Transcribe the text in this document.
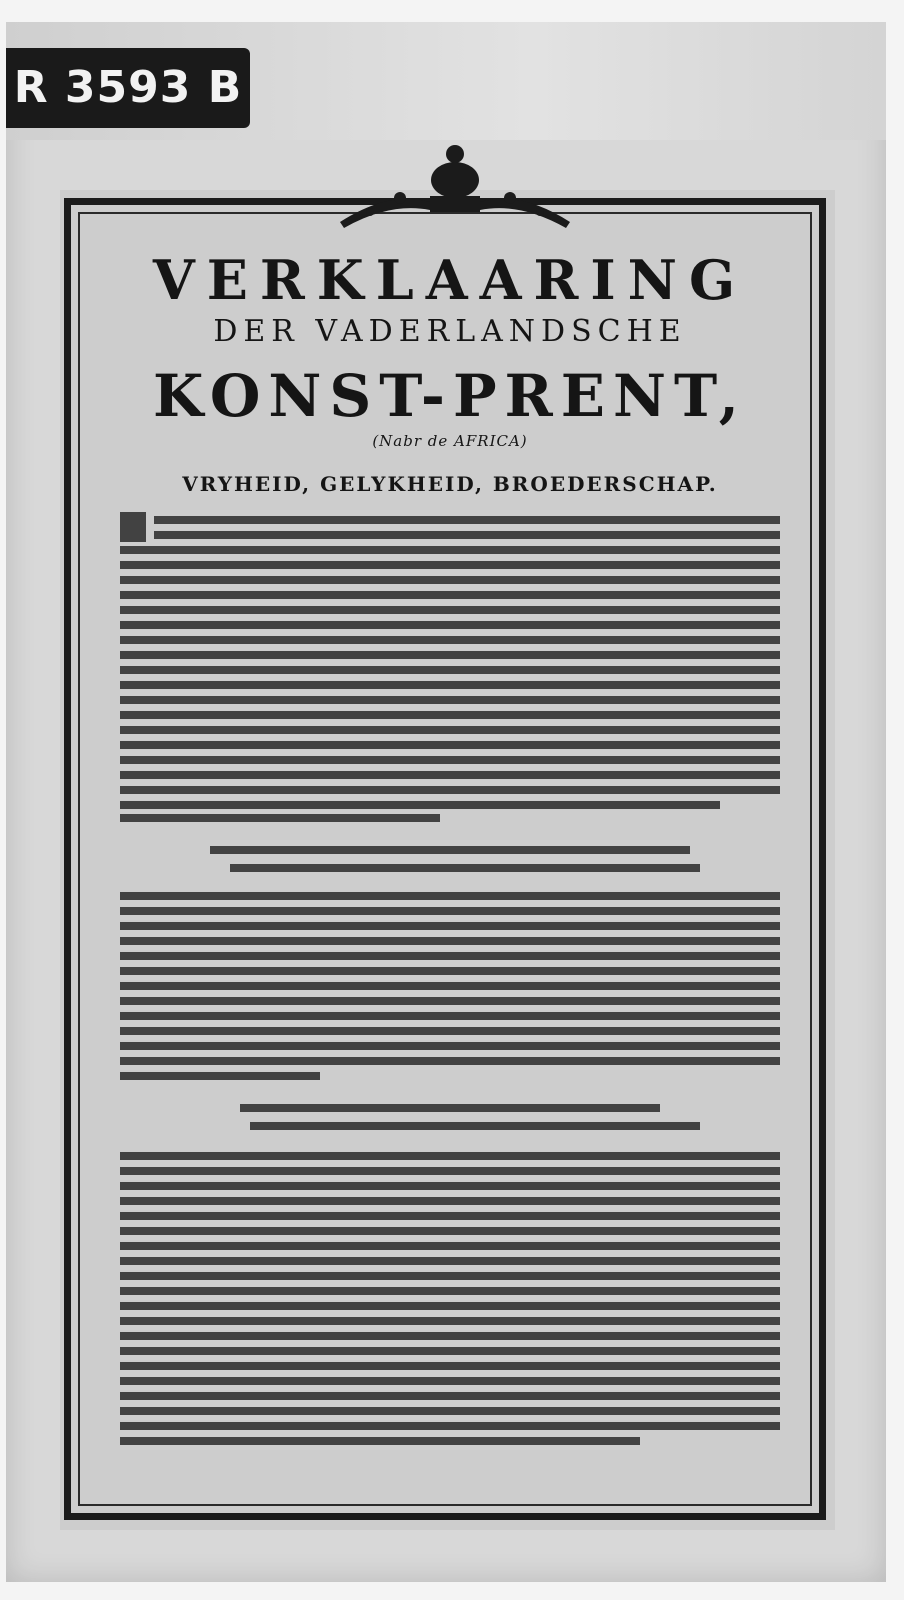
R 3593 B
VERKLAARING
DER VADERLANDSCHE
KONST-PRENT,
(Nabr de AFRICA)
VRYHEID, GELYKHEID, BROEDERSCHAP.
